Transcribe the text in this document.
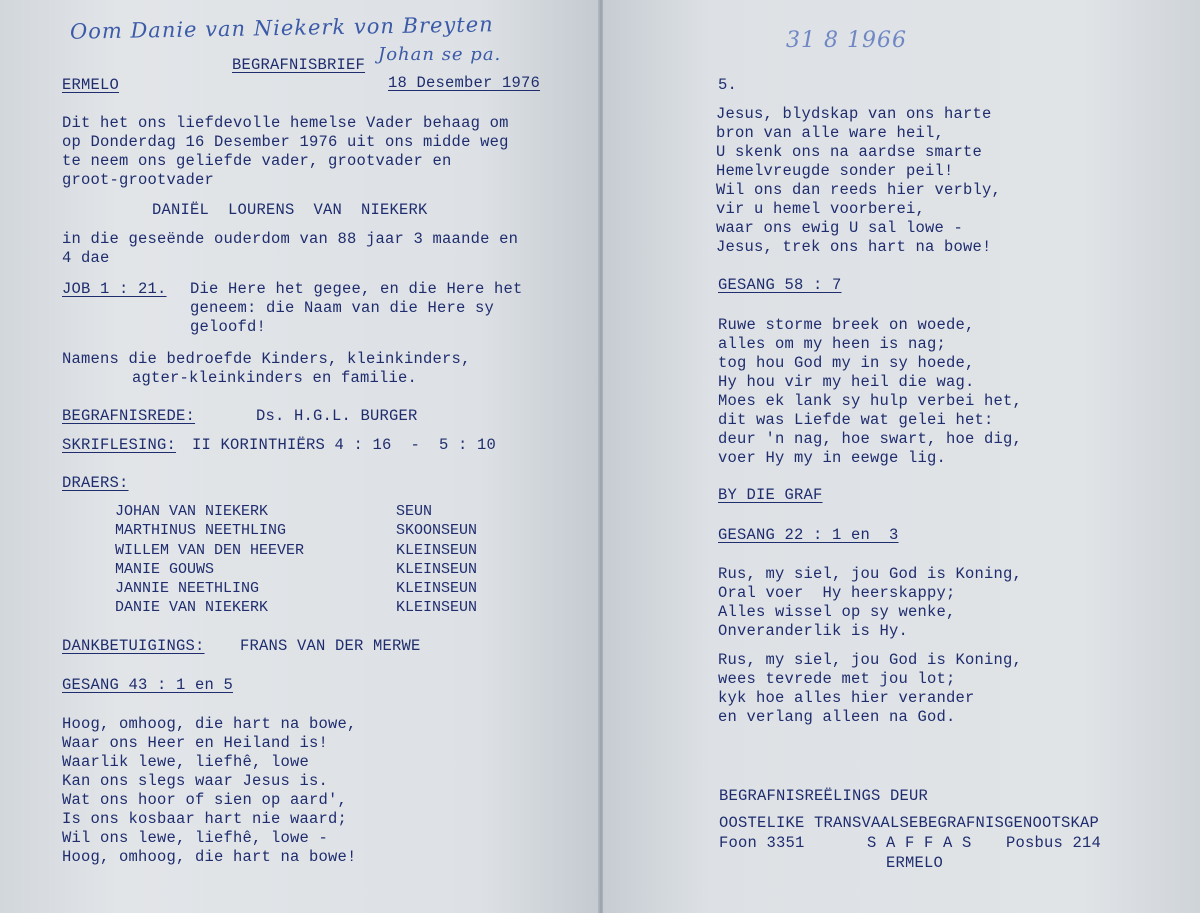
Oom Danie van Niekerk von Breyten
Johan se pa.
BEGRAFNISBRIEF
ERMELO	18 Desember 1976
Dit het ons liefdevolle hemelse Vader behaag om
op Donderdag 16 Desember 1976 uit ons midde weg
te neem ons geliefde vader, grootvader en
groot-grootvader
DANIËL  LOURENS  VAN  NIEKERK
in die geseënde ouderdom van 88 jaar 3 maande en
4 dae
JOB 1 : 21. Die Here het gegee, en die Here het
geneem: die Naam van die Here sy
geloofd!
Namens die bedroefde Kinders, kleinkinders,
agter-kleinkinders en familie.
BEGRAFNISREDE:	Ds. H.G.L. BURGER
SKRIFLESING: II KORINTHIËRS 4 : 16  -  5 : 10
DRAERS:
JOHAN VAN NIEKERK	SEUN
MARTHINUS NEETHLING	SKOONSEUN
WILLEM VAN DEN HEEVER	KLEINSEUN
MANIE GOUWS	KLEINSEUN
JANNIE NEETHLING	KLEINSEUN
DANIE VAN NIEKERK	KLEINSEUN
DANKBETUIGINGS: FRANS VAN DER MERWE
GESANG 43 : 1 en 5
Hoog, omhoog, die hart na bowe,
Waar ons Heer en Heiland is!
Waarlik lewe, liefhê, lowe
Kan ons slegs waar Jesus is.
Wat ons hoor of sien op aard',
Is ons kosbaar hart nie waard;
Wil ons lewe, liefhê, lowe -
Hoog, omhoog, die hart na bowe!
31 8 1966
5.
Jesus, blydskap van ons harte
bron van alle ware heil,
U skenk ons na aardse smarte
Hemelvreugde sonder peil!
Wil ons dan reeds hier verbly,
vir u hemel voorberei,
waar ons ewig U sal lowe -
Jesus, trek ons hart na bowe!
GESANG 58 : 7
Ruwe storme breek on woede,
alles om my heen is nag;
tog hou God my in sy hoede,
Hy hou vir my heil die wag.
Moes ek lank sy hulp verbei het,
dit was Liefde wat gelei het:
deur 'n nag, hoe swart, hoe dig,
voer Hy my in eewge lig.
BY DIE GRAF
GESANG 22 : 1 en  3
Rus, my siel, jou God is Koning,
Oral voer  Hy heerskappy;
Alles wissel op sy wenke,
Onveranderlik is Hy.
Rus, my siel, jou God is Koning,
wees tevrede met jou lot;
kyk hoe alles hier verander
en verlang alleen na God.
BEGRAFNISREËLINGS DEUR
OOSTELIKE TRANSVAALSEBEGRAFNISGENOOTSKAP
Foon 3351	S A F F A S Posbus 214
ERMELO
